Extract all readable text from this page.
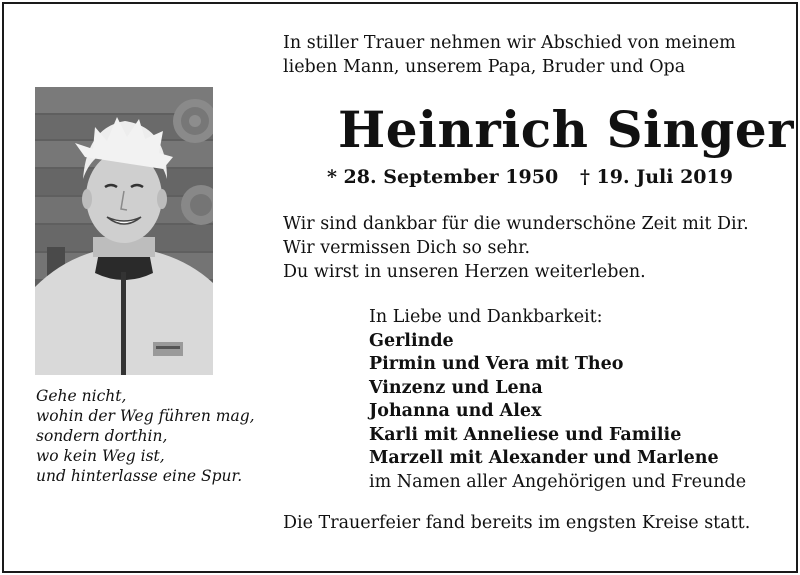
In stiller Trauer nehmen wir Abschied von meinem
lieben Mann, unserem Papa, Bruder und Opa
Heinrich Singer
* 28. September 1950 † 19. Juli 2019
Wir sind dankbar für die wunderschöne Zeit mit Dir.
Wir vermissen Dich so sehr.
Du wirst in unseren Herzen weiterleben.
In Liebe und Dankbarkeit:
Gerlinde
Pirmin und Vera mit Theo
Vinzenz und Lena
Johanna und Alex
Karli mit Anneliese und Familie
Marzell mit Alexander und Marlene
im Namen aller Angehörigen und Freunde
Gehe nicht,
wohin der Weg führen mag,
sondern dorthin,
wo kein Weg ist,
und hinterlasse eine Spur.
Die Trauerfeier fand bereits im engsten Kreise statt.
